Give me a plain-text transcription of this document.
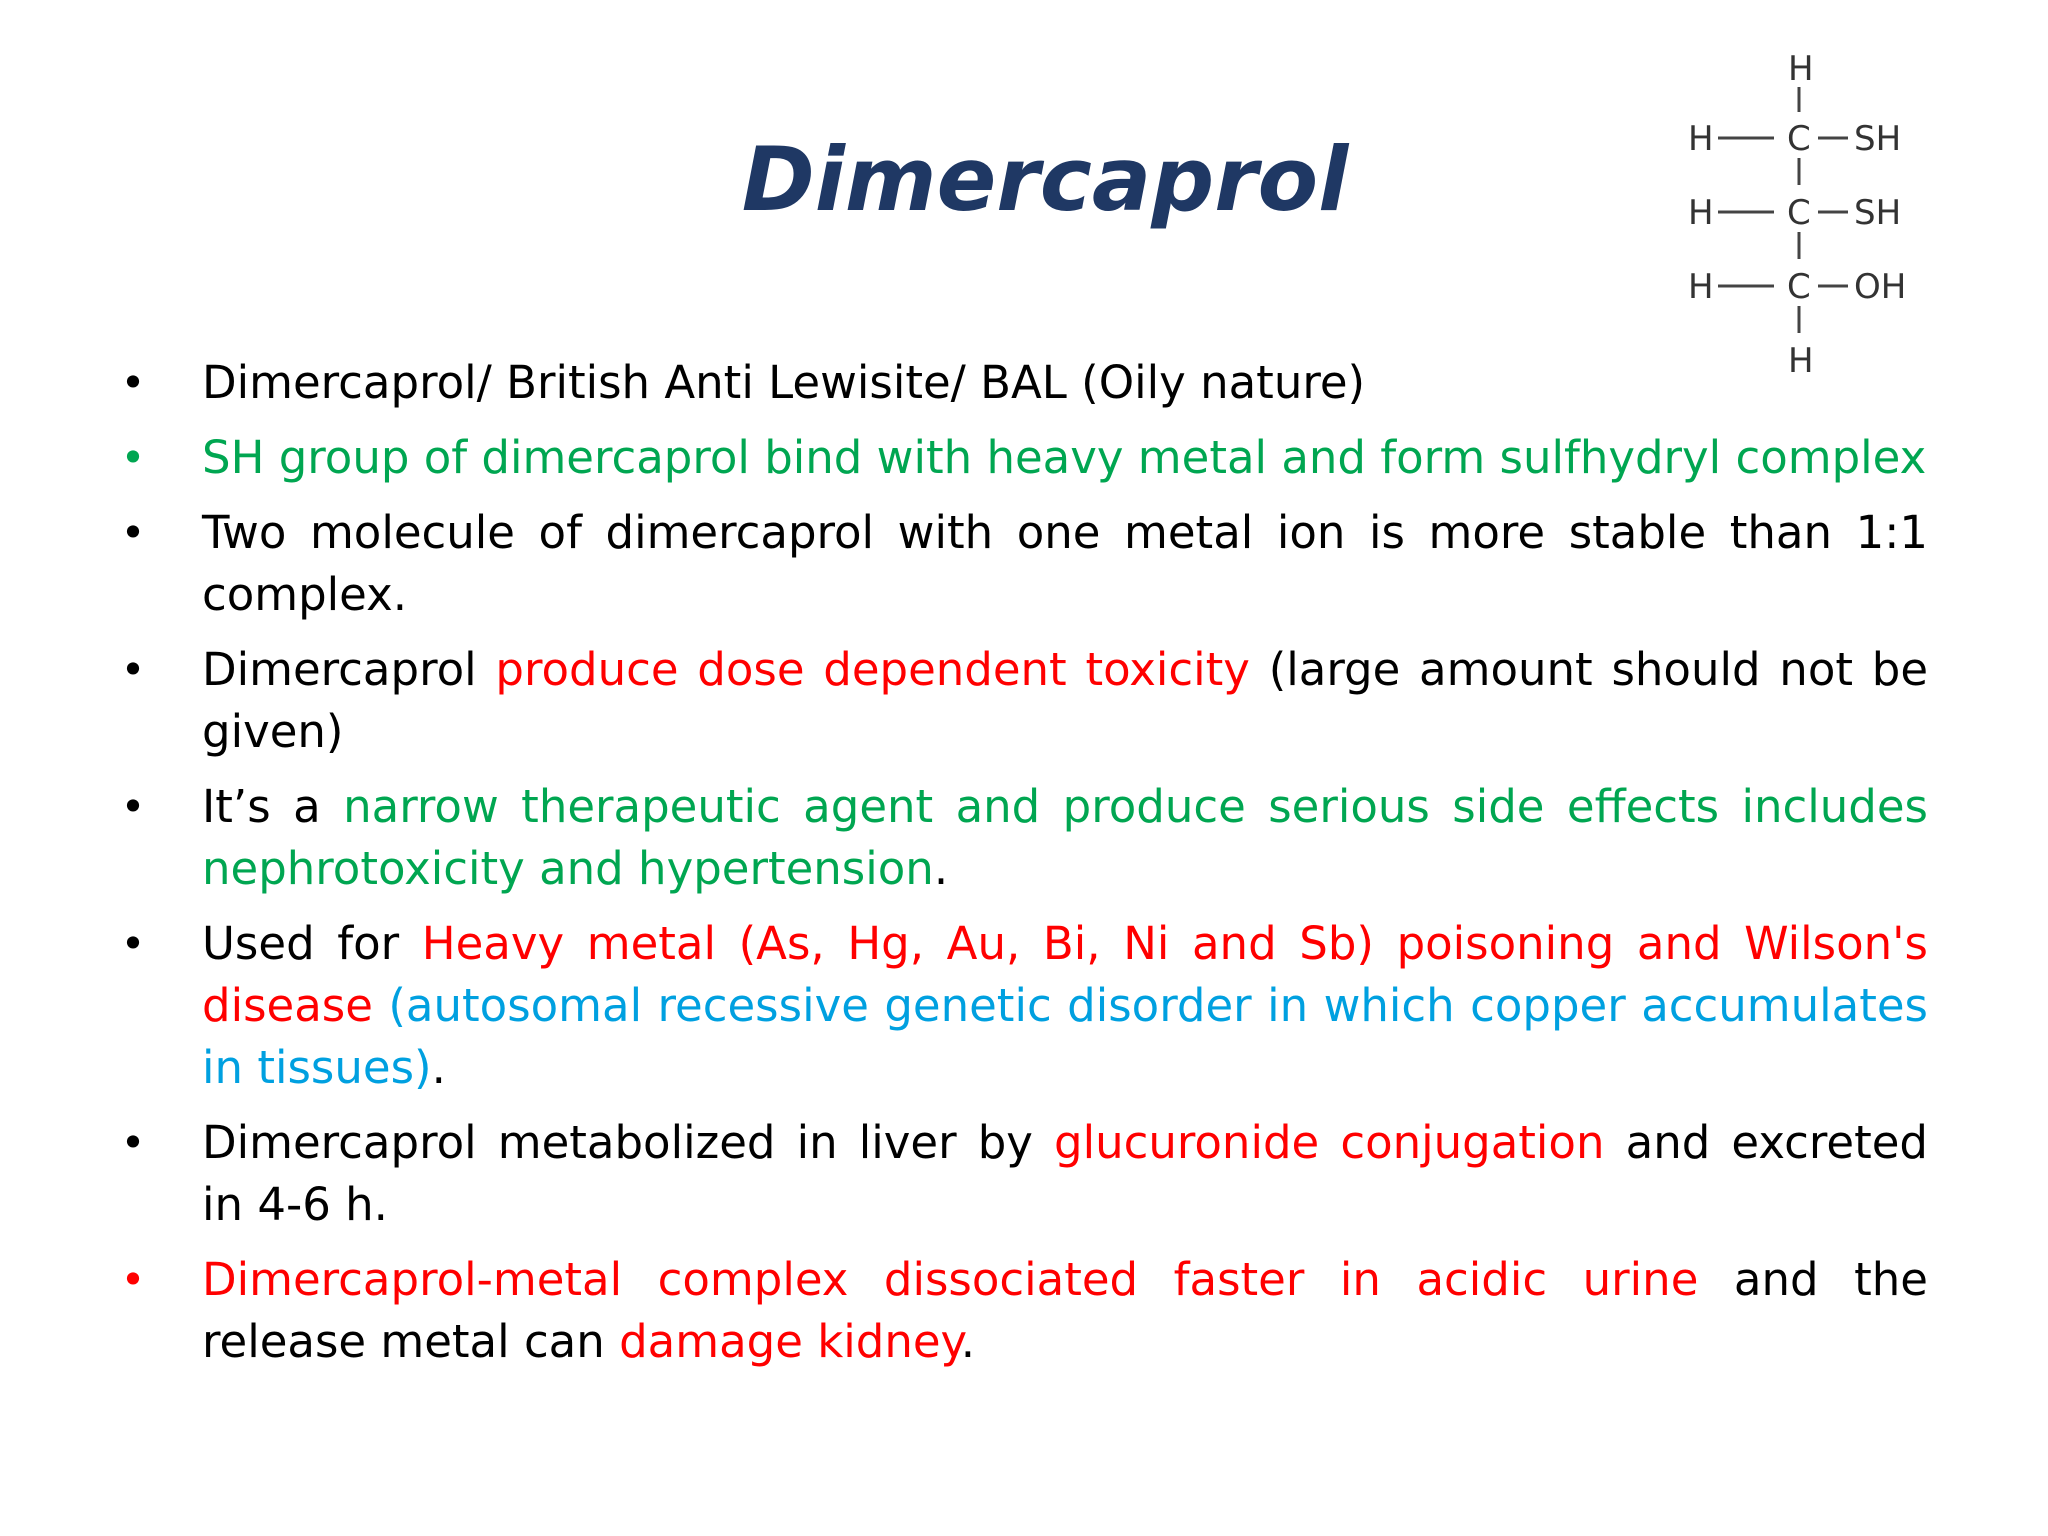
Dimercaprol
H
H C SH
H C SH
H C OH
H
• Dimercaprol/ British Anti Lewisite/ BAL (Oily nature)
• SH group of dimercaprol bind with heavy metal and form sulfhydryl complex
• Two molecule of dimercaprol with one metal ion is more stable than 1:1 complex.
• Dimercaprol produce dose dependent toxicity (large amount should not be given)
• It’s a narrow therapeutic agent and produce serious side effects includes nephrotoxicity and hypertension.
• Used for Heavy metal (As, Hg, Au, Bi, Ni and Sb) poisoning and Wilson's disease (autosomal recessive genetic disorder in which copper accumulates in tissues).
• Dimercaprol metabolized in liver by glucuronide conjugation and excreted in 4-6 h.
• Dimercaprol-metal complex dissociated faster in acidic urine and the release metal can damage kidney.
